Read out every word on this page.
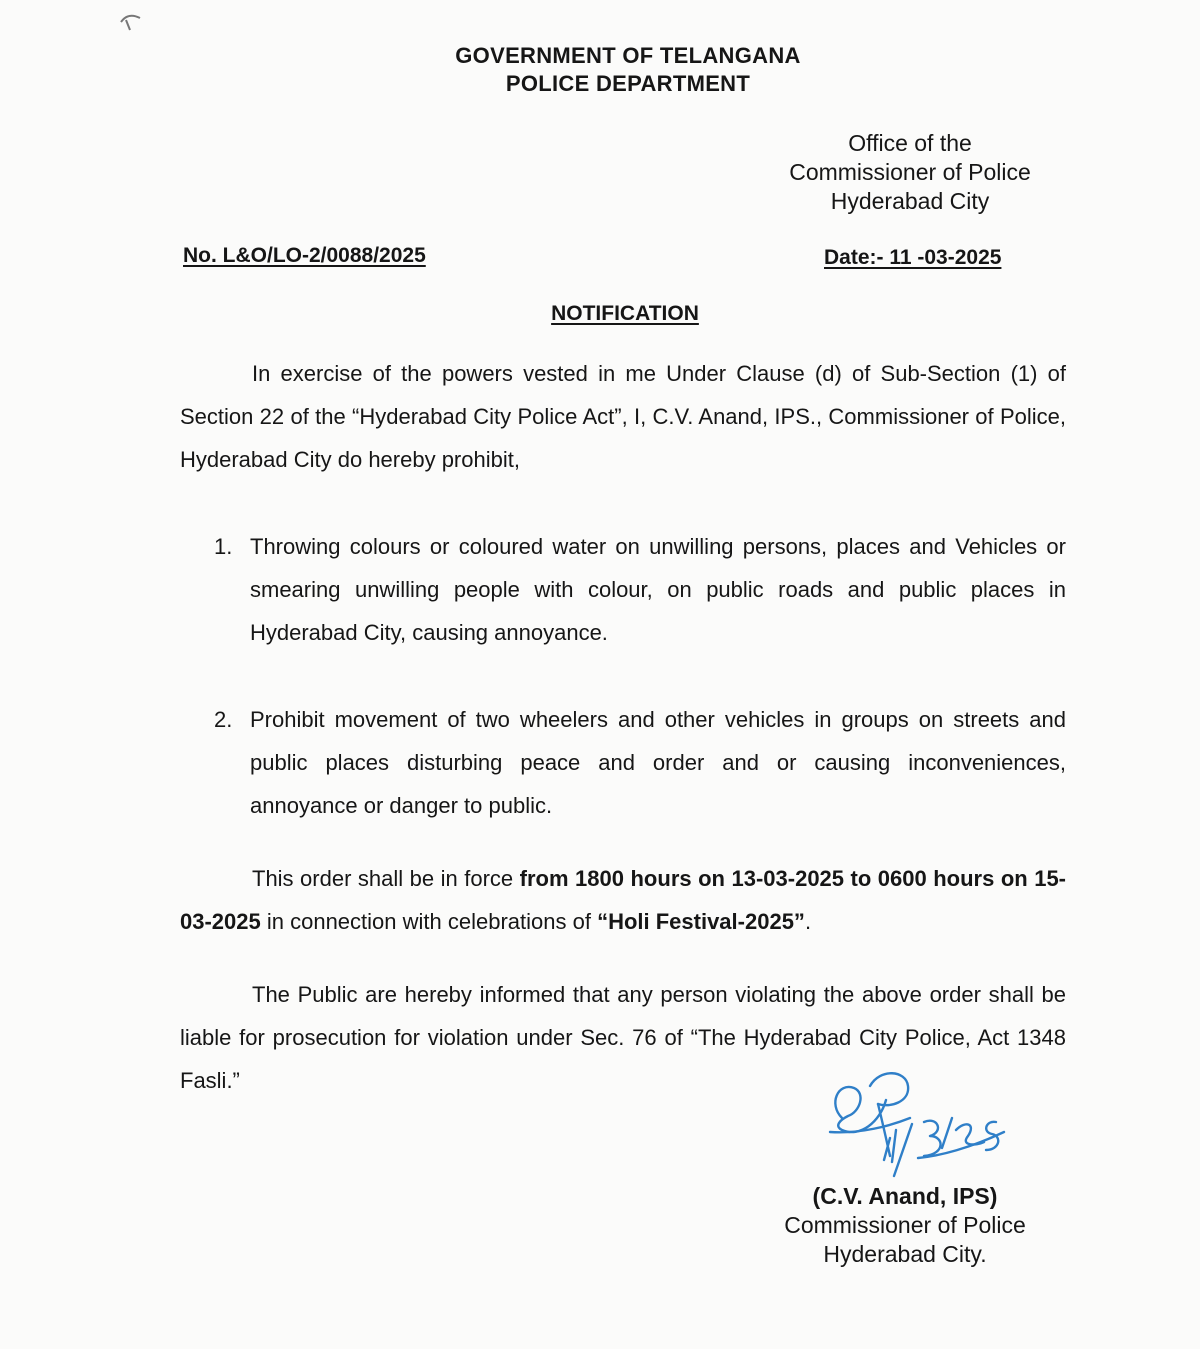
GOVERNMENT OF TELANGANA
POLICE DEPARTMENT
Office of the
Commissioner of Police
Hyderabad City
No. L&O/LO-2/0088/2025	Date:- 11 -03-2025
NOTIFICATION
In exercise of the powers vested in me Under Clause (d) of Sub-Section (1) of Section 22 of the “Hyderabad City Police Act”, I, C.V. Anand, IPS., Commissioner of Police, Hyderabad City do hereby prohibit,
1. Throwing colours or coloured water on unwilling persons, places and Vehicles or smearing unwilling people with colour, on public roads and public places in Hyderabad City, causing annoyance.
2. Prohibit movement of two wheelers and other vehicles in groups on streets and public places disturbing peace and order and or causing inconveniences, annoyance or danger to public.
This order shall be in force from 1800 hours on 13-03-2025 to 0600 hours on 15-03-2025 in connection with celebrations of “Holi Festival-2025”.
The Public are hereby informed that any person violating the above order shall be liable for prosecution for violation under Sec. 76 of “The Hyderabad City Police, Act 1348 Fasli.”
(C.V. Anand, IPS)
Commissioner of Police
Hyderabad City.
